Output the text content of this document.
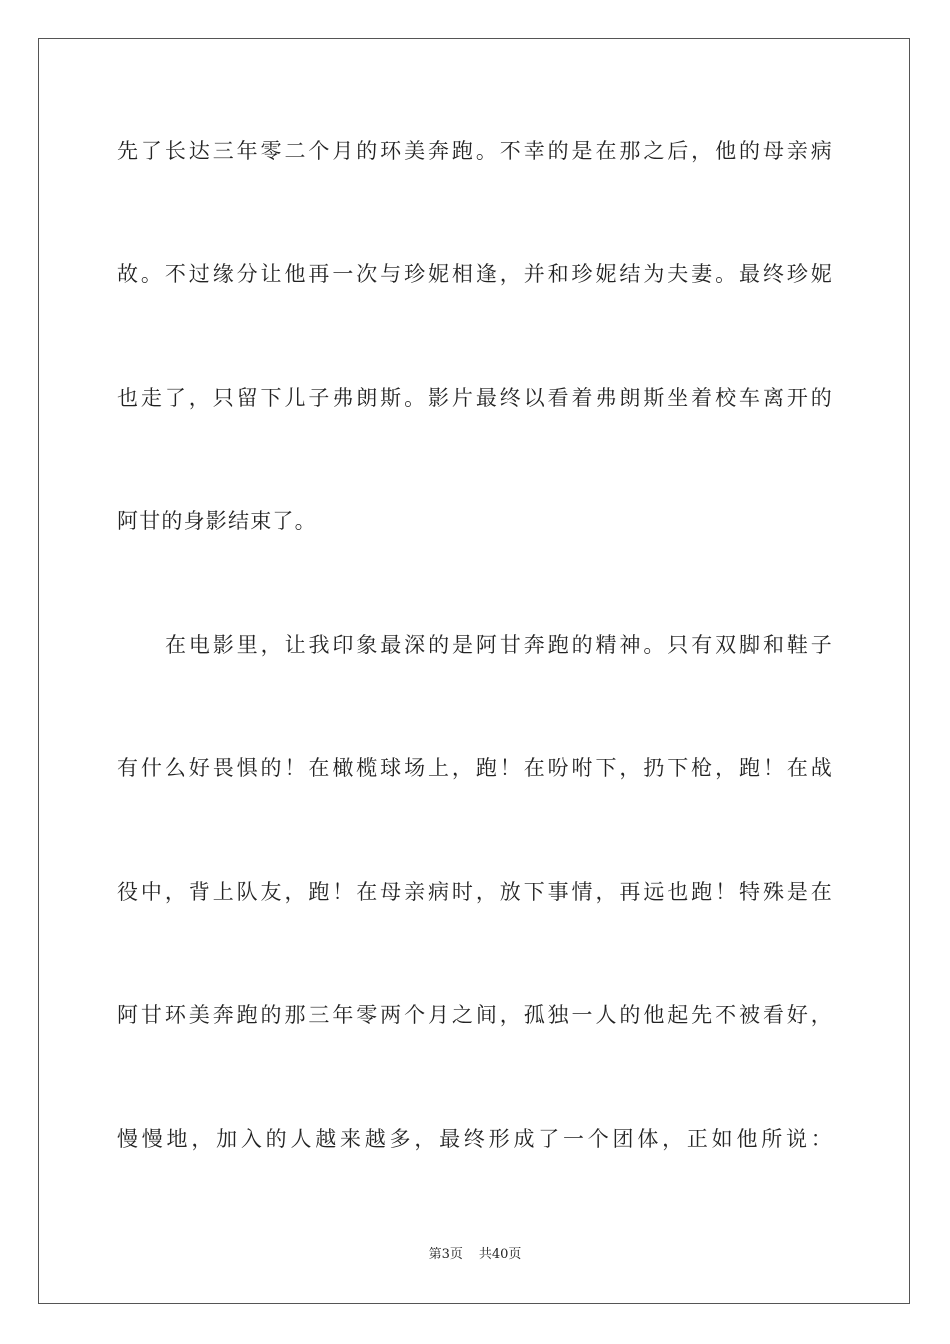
先了长达三年零二个月的环美奔跑。不幸的是在那之后，他的母亲病
故。不过缘分让他再一次与珍妮相逢，并和珍妮结为夫妻。最终珍妮
也走了，只留下儿子弗朗斯。影片最终以看着弗朗斯坐着校车离开的
阿甘的身影结束了。
在电影里，让我印象最深的是阿甘奔跑的精神。只有双脚和鞋子
有什么好畏惧的！在橄榄球场上，跑！在吩咐下，扔下枪，跑！在战
役中，背上队友，跑！在母亲病时，放下事情，再远也跑！特殊是在
阿甘环美奔跑的那三年零两个月之间，孤独一人的他起先不被看好，
慢慢地，加入的人越来越多，最终形成了一个团体，正如他所说：
第3页 共40页
